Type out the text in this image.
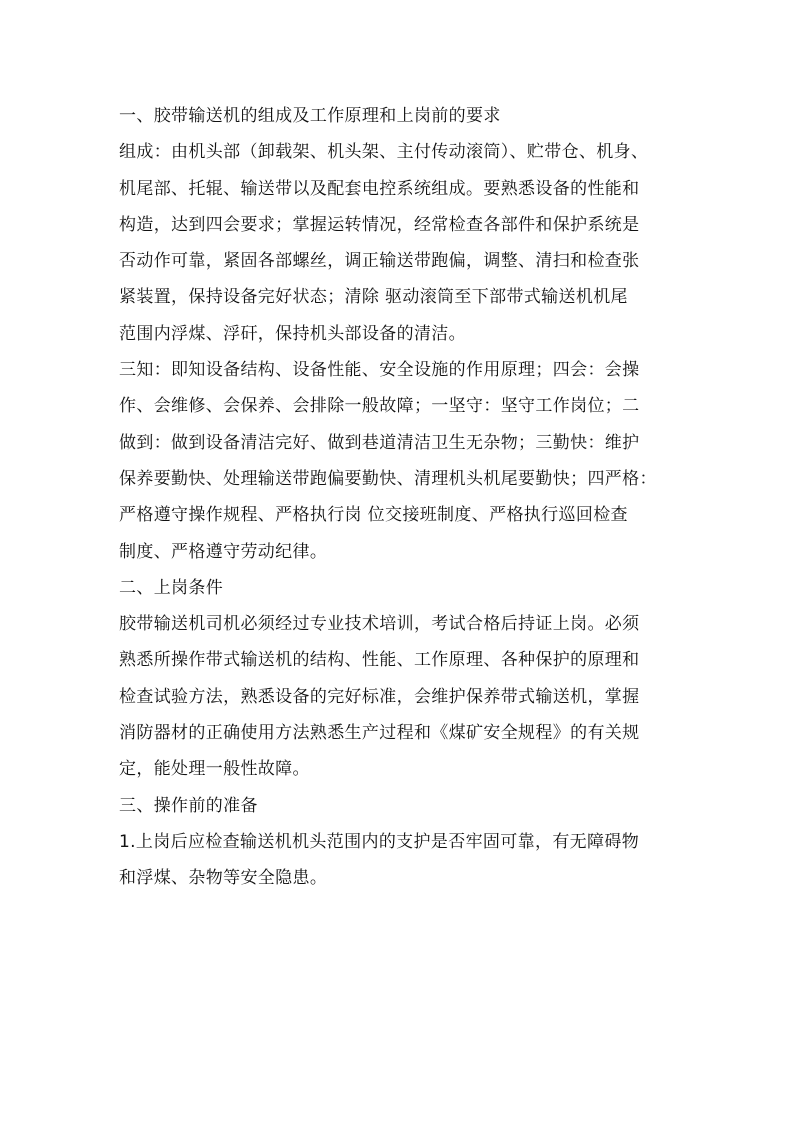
一、胶带输送机的组成及工作原理和上岗前的要求
组成：由机头部（卸载架、机头架、主付传动滚筒）、贮带仓、机身、
机尾部、托辊、输送带以及配套电控系统组成。要熟悉设备的性能和
构造，达到四会要求；掌握运转情况，经常检查各部件和保护系统是
否动作可靠，紧固各部螺丝，调正输送带跑偏，调整、清扫和检查张
紧装置，保持设备完好状态；清除 驱动滚筒至下部带式输送机机尾
范围内浮煤、浮矸，保持机头部设备的清洁。
三知：即知设备结构、设备性能、安全设施的作用原理；四会：会操
作、会维修、会保养、会排除一般故障；一坚守：坚守工作岗位；二
做到：做到设备清洁完好、做到巷道清洁卫生无杂物；三勤快：维护
保养要勤快、处理输送带跑偏要勤快、清理机头机尾要勤快；四严格：
严格遵守操作规程、严格执行岗 位交接班制度、严格执行巡回检查
制度、严格遵守劳动纪律。
二、上岗条件
胶带输送机司机必须经过专业技术培训，考试合格后持证上岗。必须
熟悉所操作带式输送机的结构、性能、工作原理、各种保护的原理和
检查试验方法，熟悉设备的完好标准，会维护保养带式输送机，掌握
消防器材的正确使用方法熟悉生产过程和《煤矿安全规程》的有关规
定，能处理一般性故障。
三、操作前的准备
1.上岗后应检查输送机机头范围内的支护是否牢固可靠，有无障碍物
和浮煤、杂物等安全隐患。
